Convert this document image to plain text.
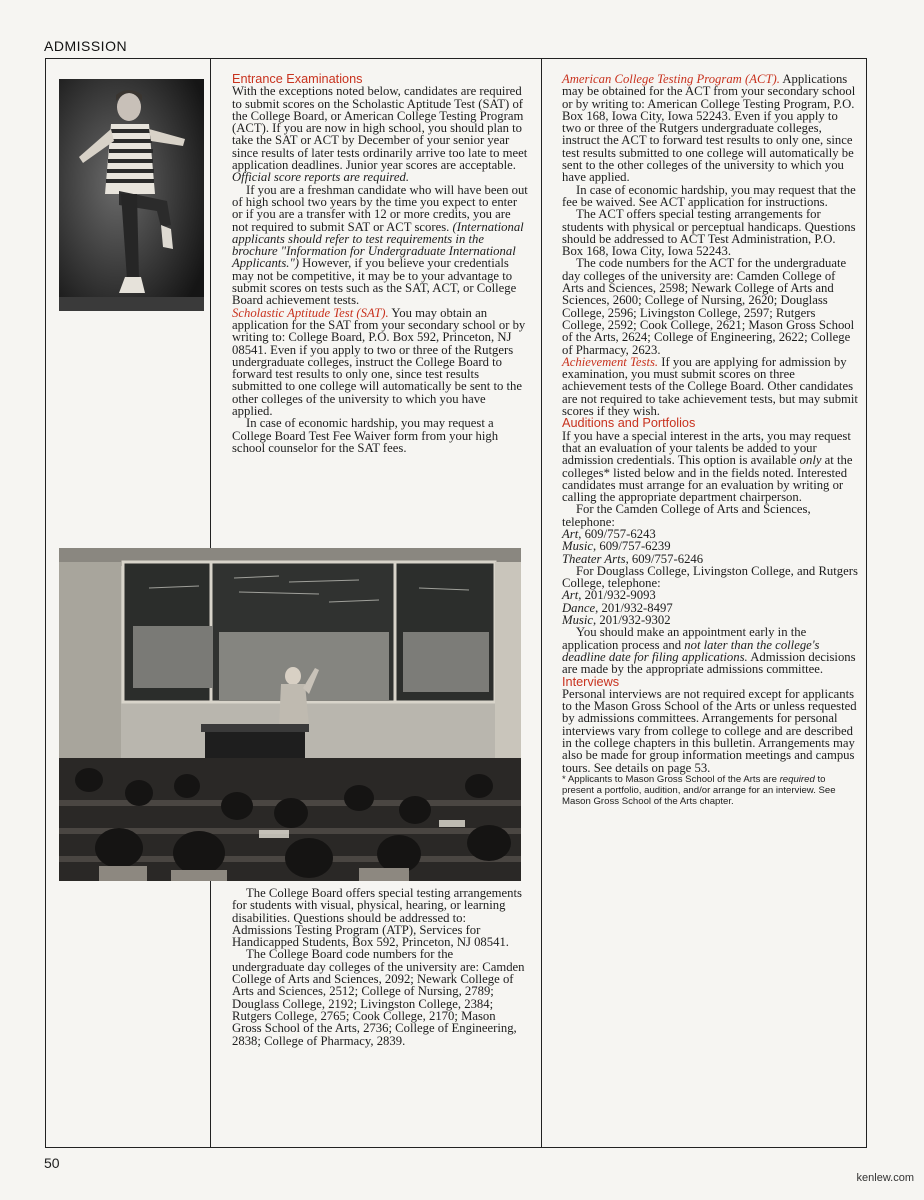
ADMISSION

Entrance Examinations

With the exceptions noted below, candidates are required to submit scores on the Scholastic Aptitude Test (SAT) of the College Board, or American College Testing Program (ACT). If you are now in high school, you should plan to take the SAT or ACT by December of your senior year since results of later tests ordinarily arrive too late to meet application deadlines. Junior year scores are acceptable. Official score reports are required.

If you are a freshman candidate who will have been out of high school two years by the time you expect to enter or if you are a transfer with 12 or more credits, you are not required to submit SAT or ACT scores. (International applicants should refer to test requirements in the brochure "Information for Undergraduate International Applicants.") However, if you believe your credentials may not be competitive, it may be to your advantage to submit scores on tests such as the SAT, ACT, or College Board achievement tests.

Scholastic Aptitude Test (SAT). You may obtain an application for the SAT from your secondary school or by writing to: College Board, P.O. Box 592, Princeton, NJ 08541. Even if you apply to two or three of the Rutgers undergraduate colleges, instruct the College Board to forward test results to only one, since test results submitted to one college will automatically be sent to the other colleges of the university to which you have applied.

In case of economic hardship, you may request a College Board Test Fee Waiver form from your high school counselor for the SAT fees.

The College Board offers special testing arrangements for students with visual, physical, hearing, or learning disabilities. Questions should be addressed to: Admissions Testing Program (ATP), Services for Handicapped Students, Box 592, Princeton, NJ 08541.

The College Board code numbers for the undergraduate day colleges of the university are: Camden College of Arts and Sciences, 2092; Newark College of Arts and Sciences, 2512; College of Nursing, 2789; Douglass College, 2192; Livingston College, 2384; Rutgers College, 2765; Cook College, 2170; Mason Gross School of the Arts, 2736; College of Engineering, 2838; College of Pharmacy, 2839.

American College Testing Program (ACT). Applications may be obtained for the ACT from your secondary school or by writing to: American College Testing Program, P.O. Box 168, Iowa City, Iowa 52243. Even if you apply to two or three of the Rutgers undergraduate colleges, instruct the ACT to forward test results to only one, since test results submitted to one college will automatically be sent to the other colleges of the university to which you have applied.

In case of economic hardship, you may request that the fee be waived. See ACT application for instructions.

The ACT offers special testing arrangements for students with physical or perceptual handicaps. Questions should be addressed to ACT Test Administration, P.O. Box 168, Iowa City, Iowa 52243.

The code numbers for the ACT for the undergraduate day colleges of the university are: Camden College of Arts and Sciences, 2598; Newark College of Arts and Sciences, 2600; College of Nursing, 2620; Douglass College, 2596; Livingston College, 2597; Rutgers College, 2592; Cook College, 2621; Mason Gross School of the Arts, 2624; College of Engineering, 2622; College of Pharmacy, 2623.

Achievement Tests. If you are applying for admission by examination, you must submit scores on three achievement tests of the College Board. Other candidates are not required to take achievement tests, but may submit scores if they wish.

Auditions and Portfolios

If you have a special interest in the arts, you may request that an evaluation of your talents be added to your admission credentials. This option is available only at the colleges* listed below and in the fields noted. Interested candidates must arrange for an evaluation by writing or calling the appropriate department chairperson.

For the Camden College of Arts and Sciences, telephone:

Art, 609/757-6243

Music, 609/757-6239

Theater Arts, 609/757-6246

For Douglass College, Livingston College, and Rutgers College, telephone:

Art, 201/932-9093

Dance, 201/932-8497

Music, 201/932-9302

You should make an appointment early in the application process and not later than the college's deadline date for filing applications. Admission decisions are made by the appropriate admissions committee.

Interviews

Personal interviews are not required except for applicants to the Mason Gross School of the Arts or unless requested by admissions committees. Arrangements for personal interviews vary from college to college and are described in the college chapters in this bulletin. Arrangements may also be made for group information meetings and campus tours. See details on page 53.

* Applicants to Mason Gross School of the Arts are required to present a portfolio, audition, and/or arrange for an interview. See Mason Gross School of the Arts chapter.

50
kenlew.com
